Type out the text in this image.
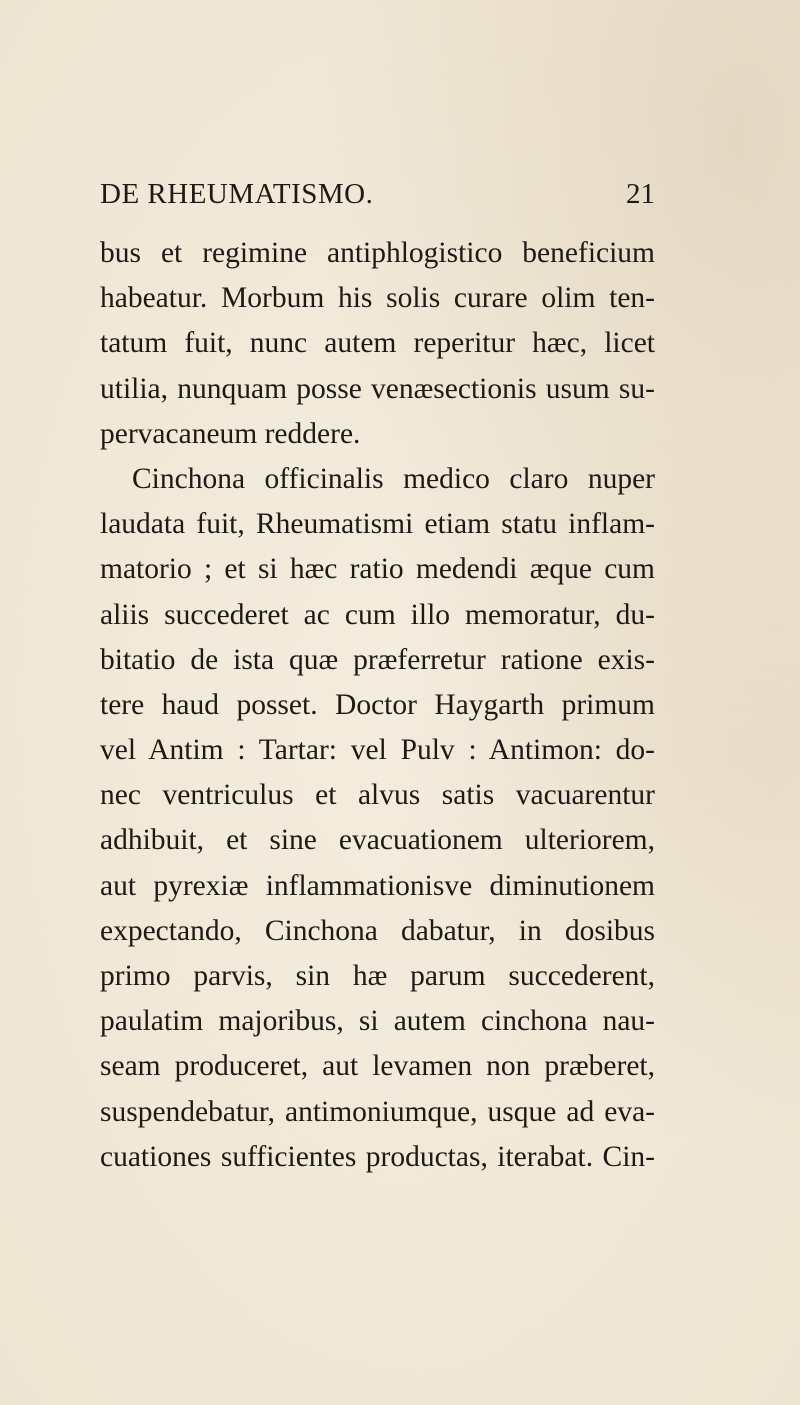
DE RHEUMATISMO.	21
bus et regimine antiphlogistico beneficium
habeatur. Morbum his solis curare olim ten-
tatum fuit, nunc autem reperitur hæc, licet
utilia, nunquam posse venæsectionis usum su-
pervacaneum reddere.
Cinchona officinalis medico claro nuper
laudata fuit, Rheumatismi etiam statu inflam-
matorio ; et si hæc ratio medendi æque cum
aliis succederet ac cum illo memoratur, du-
bitatio de ista quæ præferretur ratione exis-
tere haud posset. Doctor Haygarth primum
vel Antim : Tartar: vel Pulv : Antimon: do-
nec ventriculus et alvus satis vacuarentur
adhibuit, et sine evacuationem ulteriorem,
aut pyrexiæ inflammationisve diminutionem
expectando, Cinchona dabatur, in dosibus
primo parvis, sin hæ parum succederent,
paulatim majoribus, si autem cinchona nau-
seam produceret, aut levamen non præberet,
suspendebatur, antimoniumque, usque ad eva-
cuationes sufficientes productas, iterabat. Cin-
